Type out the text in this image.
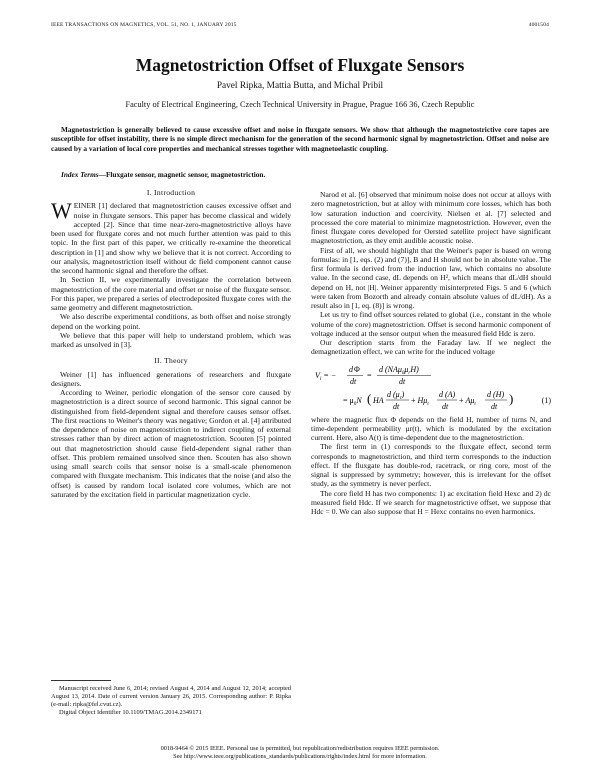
IEEE TRANSACTIONS ON MAGNETICS, VOL. 51, NO. 1, JANUARY 2015	4001504
Magnetostriction Offset of Fluxgate Sensors
Pavel Ripka, Mattia Butta, and Michal Pribil
Faculty of Electrical Engineering, Czech Technical University in Prague, Prague 166 36, Czech Republic
Magnetostriction is generally believed to cause excessive offset and noise in fluxgate sensors. We show that although the magnetostrictive core tapes are susceptible for offset instability, there is no simple direct mechanism for the generation of the second harmonic signal by magnetostriction. Offset and noise are caused by a variation of local core properties and mechanical stresses together with magnetoelastic coupling.
Index Terms—Fluxgate sensor, magnetic sensor, magnetostriction.
I. Introduction

WEINER [1] declared that magnetostriction causes excessive offset and noise in fluxgate sensors. This paper has become classical and widely accepted [2]. Since that time near-zero-magnetostrictive alloys have been used for fluxgate cores and not much further attention was paid to this topic. In the first part of this paper, we critically re-examine the theoretical description in [1] and show why we believe that it is not correct. According to our analysis, magnetostriction itself without dc field component cannot cause the second harmonic signal and therefore the offset.

In Section II, we experimentally investigate the correlation between magnetostriction of the core material and offset or noise of the fluxgate sensor. For this paper, we prepared a series of electrodeposited fluxgate cores with the same geometry and different magnetostriction.

We also describe experimental conditions, as both offset and noise strongly depend on the working point.

We believe that this paper will help to understand problem, which was marked as unsolved in [3].

II. Theory

Weiner [1] has influenced generations of researchers and fluxgate designers.

According to Weiner, periodic elongation of the sensor core caused by magnetostriction is a direct source of second harmonic. This signal cannot be distinguished from field-dependent signal and therefore causes sensor offset. The first reactions to Weiner's theory was negative; Gordon et al. [4] attributed the dependence of noise on magnetostriction to indirect coupling of external stresses rather than by direct action of magnetostriction. Scouten [5] pointed out that magnetostriction should cause field-dependent signal rather than offset. This problem remained unsolved since then. Scouten has also shown using small search coils that sensor noise is a small-scale phenomenon compared with fluxgate mechanism. This indicates that the noise (and also the offset) is caused by random local isolated core volumes, which are not saturated by the excitation field in particular magnetization cycle.

Manuscript received June 6, 2014; revised August 4, 2014 and August 12, 2014; accepted August 13, 2014. Date of current version January 26, 2015. Corresponding author: P. Ripka (e-mail: ripka@fel.cvut.cz).

Digital Object Identifier 10.1109/TMAG.2014.2349171

Narod et al. [6] observed that minimum noise does not occur at alloys with zero magnetostriction, but at alloy with minimum core losses, which has both low saturation induction and coercivity. Nielsen et al. [7] selected and processed the core material to minimize magnetostriction. However, even the finest fluxgate cores developed for Oersted satellite project have significant magnetostriction, as they emit audible acoustic noise.

First of all, we should highlight that the Weiner's paper is based on wrong formulas: in [1, eqs. (2) and (7)], B and H should not be in absolute value. The first formula is derived from the induction law, which contains no absolute value. In the second case, dL depends on H², which means that dL/dH should depend on H, not |H|. Weiner apparently misinterpreted Figs. 5 and 6 (which were taken from Bozorth and already contain absolute values of dL/dH). As a result also in [1, eq. (8)] is wrong.

Let us try to find offset sources related to global (i.e., constant in the whole volume of the core) magnetostriction. Offset is second harmonic component of voltage induced at the sensor output when the measured field Hdc is zero.

Our description starts from the Faraday law. If we neglect the demagnetization effect, we can write for the induced voltage

$V_i$ = −
d Φ
dt
=
d $(NA\mu_0\mu_rH)$
dt
= $\mu_0N$ ( HA
d $(\mu_r)$
dt
+ $H\mu_r$
d (A)
dt
+ $A\mu_r$
d (H)
dt
)	(1)

where the magnetic flux Φ depends on the field H, number of turns N, and time-dependent permeability μr(t), which is modulated by the excitation current. Here, also A(t) is time-dependent due to the magnetostriction.

The first term in (1) corresponds to the fluxgate effect, second term corresponds to magnetostriction, and third term corresponds to the induction effect. If the fluxgate has double-rod, racetrack, or ring core, most of the signal is suppressed by symmetry; however, this is irrelevant for the offset study, as the symmetry is never perfect.

The core field H has two components: 1) ac excitation field Hexc and 2) dc measured field Hdc. If we search for magnetostrictive offset, we suppose that Hdc = 0. We can also suppose that H = Hexc contains no even harmonics.

0018-9464 © 2015 IEEE. Personal use is permitted, but republication/redistribution requires IEEE permission.
See http://www.ieee.org/publications_standards/publications/rights/index.html for more information.
